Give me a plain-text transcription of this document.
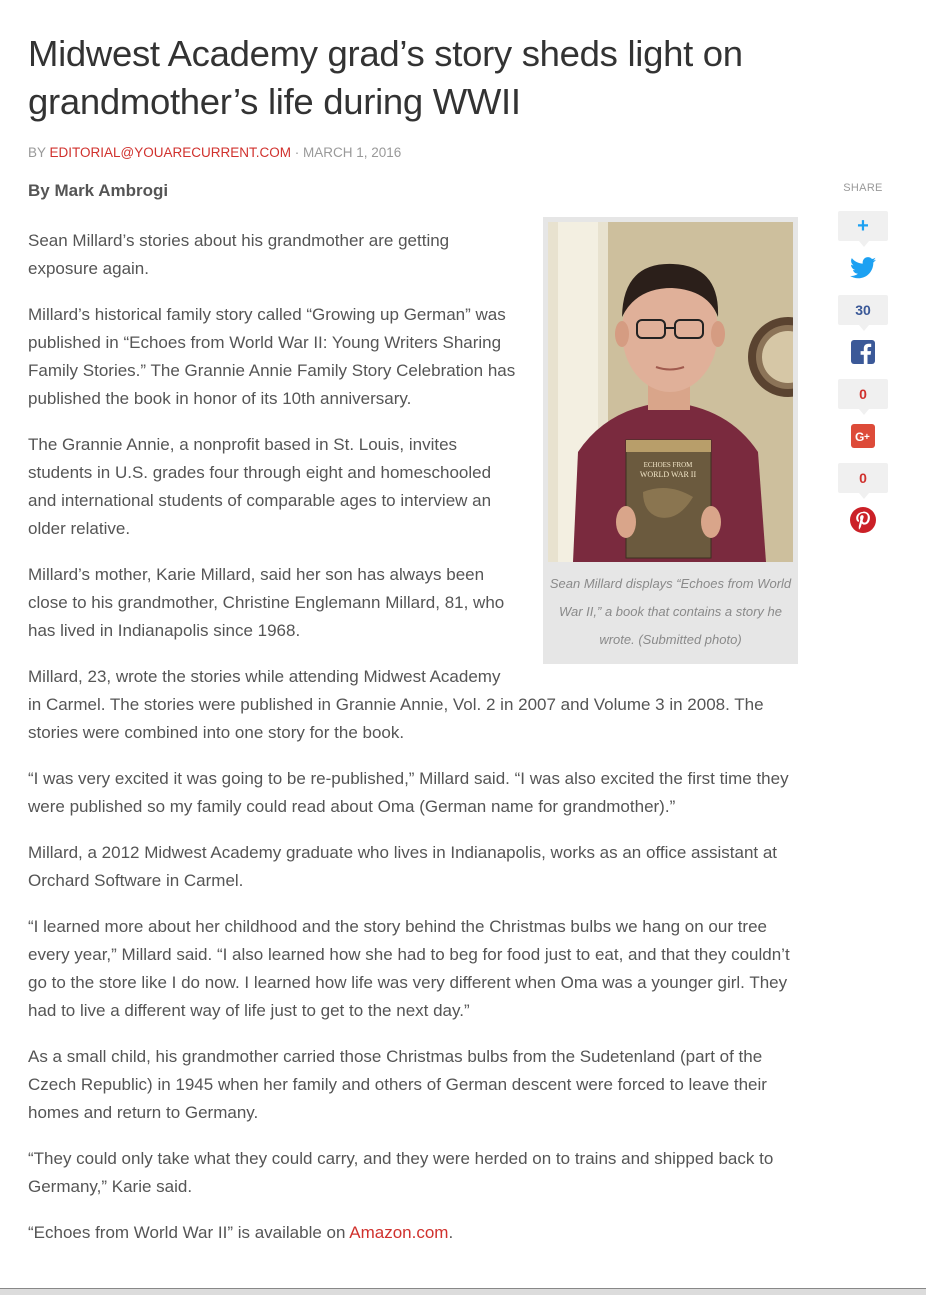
Midwest Academy grad’s story sheds light on grandmother’s life during WWII
BY EDITORIAL@YOUARECURRENT.COM · MARCH 1, 2016
By Mark Ambrogi
ECHOES FROM
WORLD WAR II
Sean Millard displays “Echoes from World War II,” a book that contains a story he wrote. (Submitted photo)

Sean Millard’s stories about his grandmother are getting exposure again.

Millard’s historical family story called “Growing up German” was published in “Echoes from World War II: Young Writers Sharing Family Stories.” The Grannie Annie Family Story Celebration has published the book in honor of its 10th anniversary.

The Grannie Annie, a nonprofit based in St. Louis, invites students in U.S. grades four through eight and homeschooled and international students of comparable ages to interview an older relative.

Millard’s mother, Karie Millard, said her son has always been close to his grandmother, Christine Englemann Millard, 81, who has lived in Indianapolis since 1968.

Millard, 23, wrote the stories while attending Midwest Academy in Carmel. The stories were published in Grannie Annie, Vol. 2 in 2007 and Volume 3 in 2008. The stories were combined into one story for the book.

“I was very excited it was going to be re-published,” Millard said. “I was also excited the first time they were published so my family could read about Oma (German name for grandmother).”

Millard, a 2012 Midwest Academy graduate who lives in Indianapolis, works as an office assistant at Orchard Software in Carmel.

“I learned more about her childhood and the story behind the Christmas bulbs we hang on our tree every year,” Millard said. “I also learned how she had to beg for food just to eat, and that they couldn’t go to the store like I do now. I learned how life was very different when Oma was a younger girl. They had to live a different way of life just to get to the next day.”

As a small child, his grandmother carried those Christmas bulbs from the Sudetenland (part of the Czech Republic) in 1945 when her family and others of German descent were forced to leave their homes and return to Germany.

“They could only take what they could carry, and they were herded on to trains and shipped back to Germany,” Karie said.

“Echoes from World War II” is available on Amazon.com.

SHARE
+
30
0
G +
0
